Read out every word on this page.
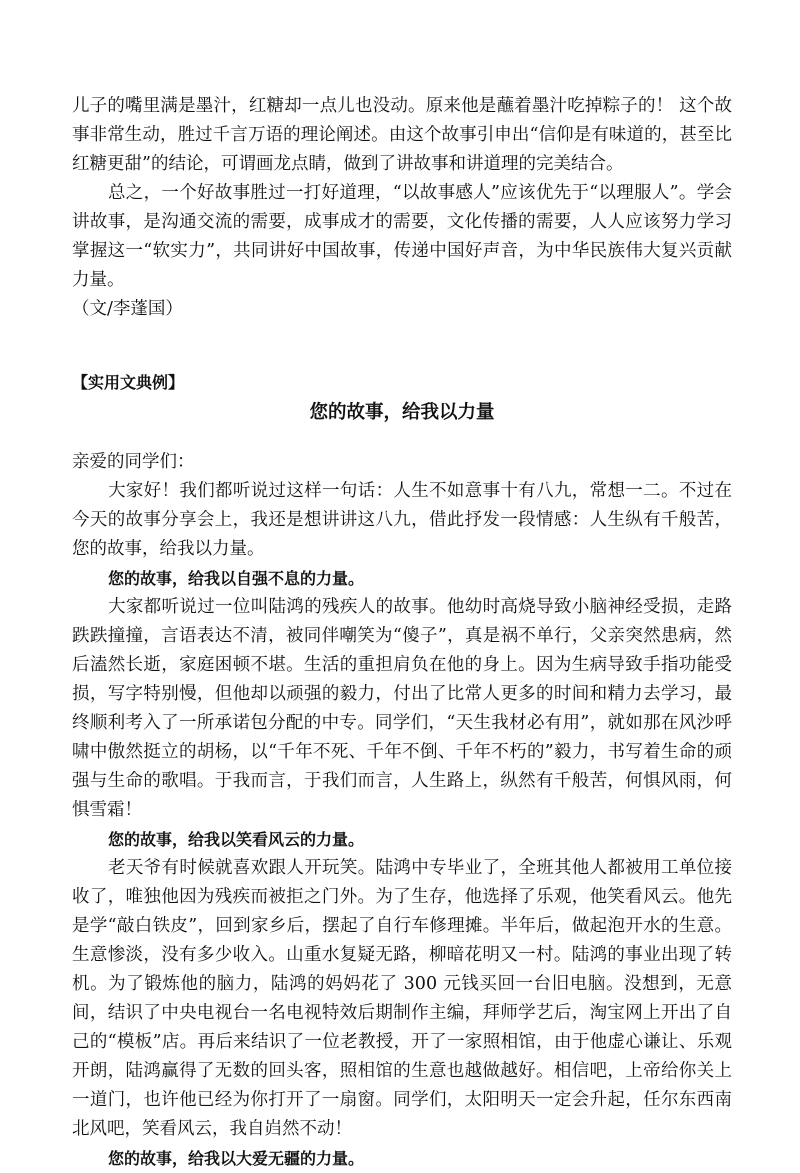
儿子的嘴里满是墨汁，红糖却一点儿也没动。原来他是蘸着墨汁吃掉粽子的！ 这个故事非常生动，胜过千言万语的理论阐述。由这个故事引申出“信仰是有味道的，甚至比红糖更甜”的结论，可谓画龙点睛，做到了讲故事和讲道理的完美结合。

总之，一个好故事胜过一打好道理，“以故事感人”应该优先于“以理服人”。学会讲故事，是沟通交流的需要，成事成才的需要，文化传播的需要，人人应该努力学习掌握这一“软实力”，共同讲好中国故事，传递中国好声音，为中华民族伟大复兴贡献力量。

（文/李蓬国）

【实用文典例】

您的故事，给我以力量

亲爱的同学们：

大家好！我们都听说过这样一句话：人生不如意事十有八九，常想一二。不过在今天的故事分享会上，我还是想讲讲这八九，借此抒发一段情感：人生纵有千般苦，您的故事，给我以力量。

您的故事，给我以自强不息的力量。

大家都听说过一位叫陆鸿的残疾人的故事。他幼时高烧导致小脑神经受损，走路跌跌撞撞，言语表达不清，被同伴嘲笑为“傻子”，真是祸不单行，父亲突然患病，然后溘然长逝，家庭困顿不堪。生活的重担肩负在他的身上。因为生病导致手指功能受损，写字特别慢，但他却以顽强的毅力，付出了比常人更多的时间和精力去学习，最终顺利考入了一所承诺包分配的中专。同学们，“天生我材必有用”，就如那在风沙呼啸中傲然挺立的胡杨，以“千年不死、千年不倒、千年不朽的”毅力，书写着生命的顽强与生命的歌唱。于我而言，于我们而言，人生路上，纵然有千般苦，何惧风雨，何惧雪霜！

您的故事，给我以笑看风云的力量。

老天爷有时候就喜欢跟人开玩笑。陆鸿中专毕业了，全班其他人都被用工单位接收了，唯独他因为残疾而被拒之门外。为了生存，他选择了乐观，他笑看风云。他先是学“敲白铁皮”，回到家乡后，摆起了自行车修理摊。半年后，做起泡开水的生意。生意惨淡，没有多少收入。山重水复疑无路，柳暗花明又一村。陆鸿的事业出现了转机。为了锻炼他的脑力，陆鸿的妈妈花了 300 元钱买回一台旧电脑。没想到，无意间，结识了中央电视台一名电视特效后期制作主编，拜师学艺后，淘宝网上开出了自己的“模板”店。再后来结识了一位老教授，开了一家照相馆，由于他虚心谦让、乐观开朗，陆鸿赢得了无数的回头客，照相馆的生意也越做越好。相信吧，上帝给你关上一道门，也许他已经为你打开了一扇窗。同学们，太阳明天一定会升起，任尔东西南北风吧，笑看风云，我自岿然不动！

您的故事，给我以大爱无疆的力量。
